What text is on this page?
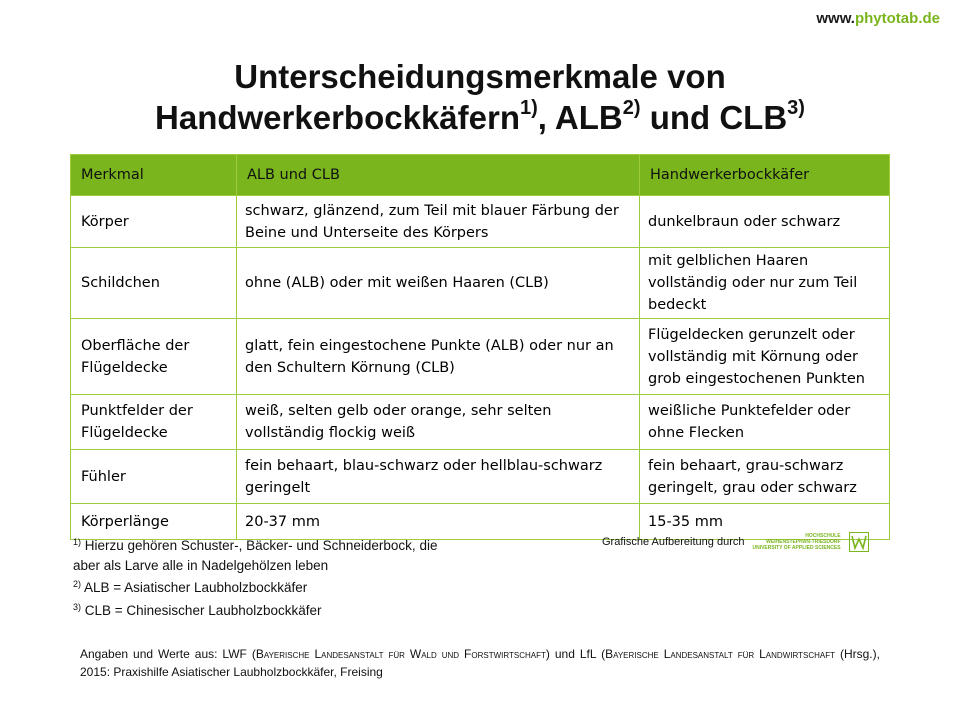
www.phytotab.de
Unterscheidungsmerkmale von
Handwerkerbockkäfern$^{1)}$, ALB$^{2)}$ und CLB$^{3)}$
Merkmal	ALB und CLB	Handwerkerbockkäfer
Körper	schwarz, glänzend, zum Teil mit blauer Färbung der Beine und Unterseite des Körpers	dunkelbraun oder schwarz
Schildchen	ohne (ALB) oder mit weißen Haaren (CLB)	mit gelblichen Haaren vollständig oder nur zum Teil bedeckt
Oberfläche der Flügeldecke	glatt, fein eingestochene Punkte (ALB) oder nur an den Schultern Körnung (CLB)	Flügeldecken gerunzelt oder vollständig mit Körnung oder grob eingestochenen Punkten
Punktfelder der Flügeldecke	weiß, selten gelb oder orange, sehr selten vollständig flockig weiß	weißliche Punktefelder oder ohne Flecken
Fühler	fein behaart, blau-schwarz oder hellblau-schwarz geringelt	fein behaart, grau-schwarz geringelt, grau oder schwarz
Körperlänge	20-37 mm	15-35 mm
$^{1)}$ Hierzu gehören Schuster-, Bäcker- und Schneiderbock, die
aber als Larve alle in Nadelgehölzen leben
$^{2)}$ ALB = Asiatischer Laubholzbockkäfer
$^{3)}$ CLB = Chinesischer Laubholzbockkäfer
Grafische Aufbereitung durch	HOCHSCHULE
WEIHENSTEPHAN-TRIESDORF
UNIVERSITY OF APPLIED SCIENCES
Angaben und Werte aus: LWF (Bayerische Landesanstalt für Wald und Forstwirtschaft) und LfL (Bayerische Landesanstalt für Landwirtschaft (Hrsg.), 2015: Praxishilfe Asiatischer Laubholzbockkäfer, Freising
